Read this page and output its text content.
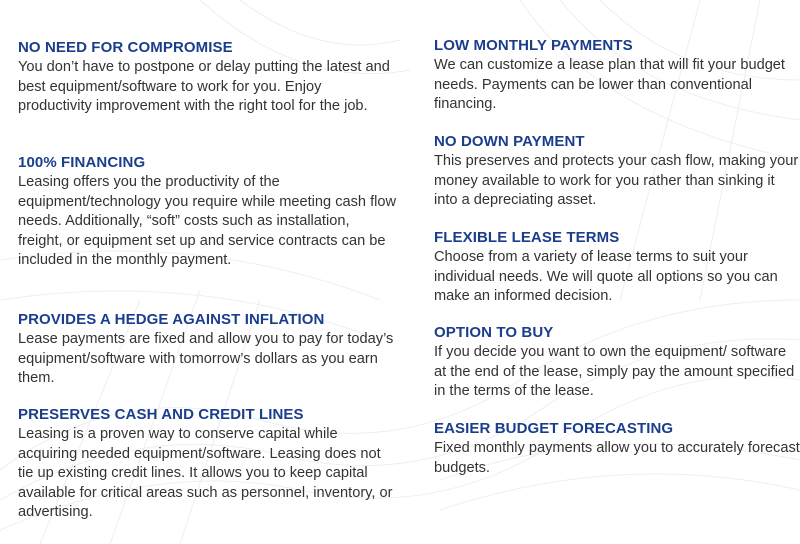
NO NEED FOR COMPROMISE
You don’t have to postpone or delay putting the latest and best equipment/software to work for you. Enjoy productivity improvement with the right tool for the job.
100% FINANCING
Leasing offers you the productivity of the equipment/technology you require while meeting cash flow needs. Additionally, “soft” costs such as installation, freight, or equipment set up and service contracts can be included in the monthly payment.
PROVIDES A HEDGE AGAINST INFLATION
Lease payments are fixed and allow you to pay for today’s equipment/software with tomorrow’s dollars as you earn them.
PRESERVES CASH AND CREDIT LINES
Leasing is a proven way to conserve capital while acquiring needed equipment/software. Leasing does not tie up existing credit lines. It allows you to keep capital available for critical areas such as personnel, inventory, or advertising.
LOW MONTHLY PAYMENTS
We can customize a lease plan that will fit your budget needs. Payments can be lower than conventional financing.
NO DOWN PAYMENT
This preserves and protects your cash flow, making your money available to work for you rather than sinking it into a depreciating asset.
FLEXIBLE LEASE TERMS
Choose from a variety of lease terms to suit your individual needs. We will quote all options so you can make an informed decision.
OPTION TO BUY
If you decide you want to own the equipment/ software at the end of the lease, simply pay the amount specified in the terms of the lease.
EASIER BUDGET FORECASTING
Fixed monthly payments allow you to accurately forecast budgets.
